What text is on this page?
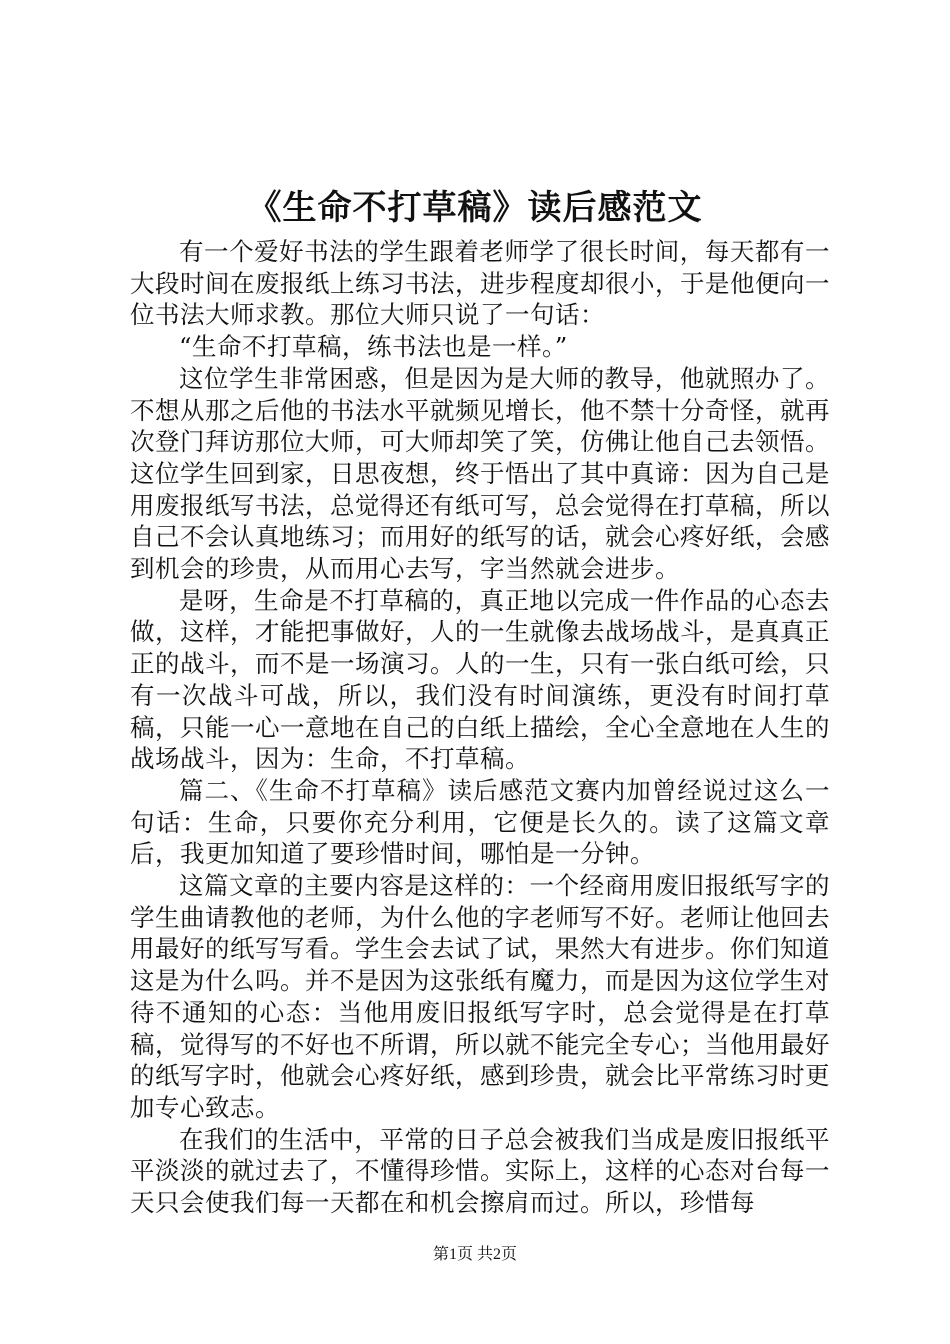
《生命不打草稿》读后感范文

有一个爱好书法的学生跟着老师学了很长时间，每天都有一大段时间在废报纸上练习书法，进步程度却很小，于是他便向一位书法大师求教。那位大师只说了一句话：

“生命不打草稿，练书法也是一样。”

这位学生非常困惑，但是因为是大师的教导，他就照办了。不想从那之后他的书法水平就频见增长，他不禁十分奇怪，就再次登门拜访那位大师，可大师却笑了笑，仿佛让他自己去领悟。这位学生回到家，日思夜想，终于悟出了其中真谛：因为自己是用废报纸写书法，总觉得还有纸可写，总会觉得在打草稿，所以自己不会认真地练习；而用好的纸写的话，就会心疼好纸，会感到机会的珍贵，从而用心去写，字当然就会进步。

是呀，生命是不打草稿的，真正地以完成一件作品的心态去做，这样，才能把事做好，人的一生就像去战场战斗，是真真正正的战斗，而不是一场演习。人的一生，只有一张白纸可绘，只有一次战斗可战，所以，我们没有时间演练，更没有时间打草稿，只能一心一意地在自己的白纸上描绘，全心全意地在人生的战场战斗，因为：生命，不打草稿。

篇二、《生命不打草稿》读后感范文赛内加曾经说过这么一句话：生命，只要你充分利用，它便是长久的。读了这篇文章后，我更加知道了要珍惜时间，哪怕是一分钟。

这篇文章的主要内容是这样的：一个经商用废旧报纸写字的学生曲请教他的老师，为什么他的字老师写不好。老师让他回去用最好的纸写写看。学生会去试了试，果然大有进步。你们知道这是为什么吗。并不是因为这张纸有魔力，而是因为这位学生对待不通知的心态：当他用废旧报纸写字时，总会觉得是在打草稿，觉得写的不好也不所谓，所以就不能完全专心；当他用最好的纸写字时，他就会心疼好纸，感到珍贵，就会比平常练习时更加专心致志。

在我们的生活中，平常的日子总会被我们当成是废旧报纸平平淡淡的就过去了，不懂得珍惜。实际上，这样的心态对台每一天只会使我们每一天都在和机会擦肩而过。所以，珍惜每

第1页 共2页
